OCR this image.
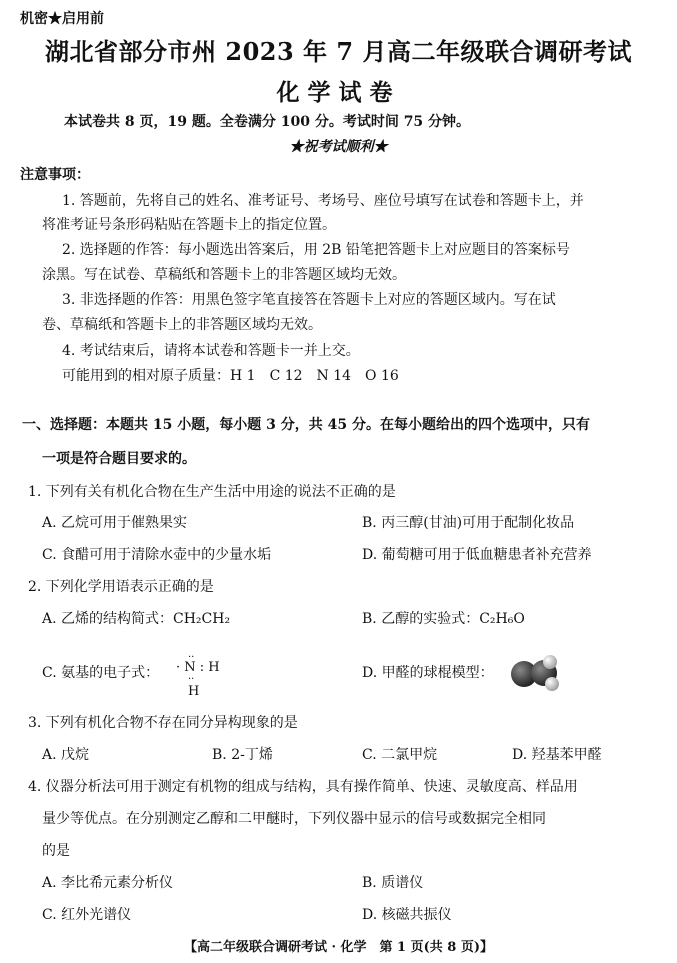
机密★启用前
湖北省部分市州 2023 年 7 月高二年级联合调研考试
化学试卷
本试卷共 8 页，19 题。全卷满分 100 分。考试时间 75 分钟。
★祝考试顺利★
注意事项：
1. 答题前，先将自己的姓名、准考证号、考场号、座位号填写在试卷和答题卡上，并
将准考证号条形码粘贴在答题卡上的指定位置。
2. 选择题的作答：每小题选出答案后，用 2B 铅笔把答题卡上对应题目的答案标号
涂黑。写在试卷、草稿纸和答题卡上的非答题区域均无效。
3. 非选择题的作答：用黑色签字笔直接答在答题卡上对应的答题区域内。写在试
卷、草稿纸和答题卡上的非答题区域均无效。
4. 考试结束后，请将本试卷和答题卡一并上交。
可能用到的相对原子质量：H 1　C 12　N 14　O 16
一、选择题：本题共 15 小题，每小题 3 分，共 45 分。在每小题给出的四个选项中，只有
一项是符合题目要求的。
1. 下列有关有机化合物在生产生活中用途的说法不正确的是
A. 乙烷可用于催熟果实	B. 丙三醇(甘油)可用于配制化妆品
C. 食醋可用于清除水壶中的少量水垢	D. 葡萄糖可用于低血糖患者补充营养
2. 下列化学用语表示正确的是
A. 乙烯的结构简式：CH₂CH₂	B. 乙醇的实验式：C₂H₆O
C. 氨基的电子式： · N : H
··
··
H
D. 甲醛的球棍模型：
3. 下列有机化合物不存在同分异构现象的是
A. 戊烷	B. 2-丁烯	C. 二氯甲烷	D. 羟基苯甲醛
4. 仪器分析法可用于测定有机物的组成与结构，具有操作简单、快速、灵敏度高、样品用
量少等优点。在分别测定乙醇和二甲醚时，下列仪器中显示的信号或数据完全相同
的是
A. 李比希元素分析仪	B. 质谱仪
C. 红外光谱仪	D. 核磁共振仪
【高二年级联合调研考试 · 化学　第 1 页(共 8 页)】
